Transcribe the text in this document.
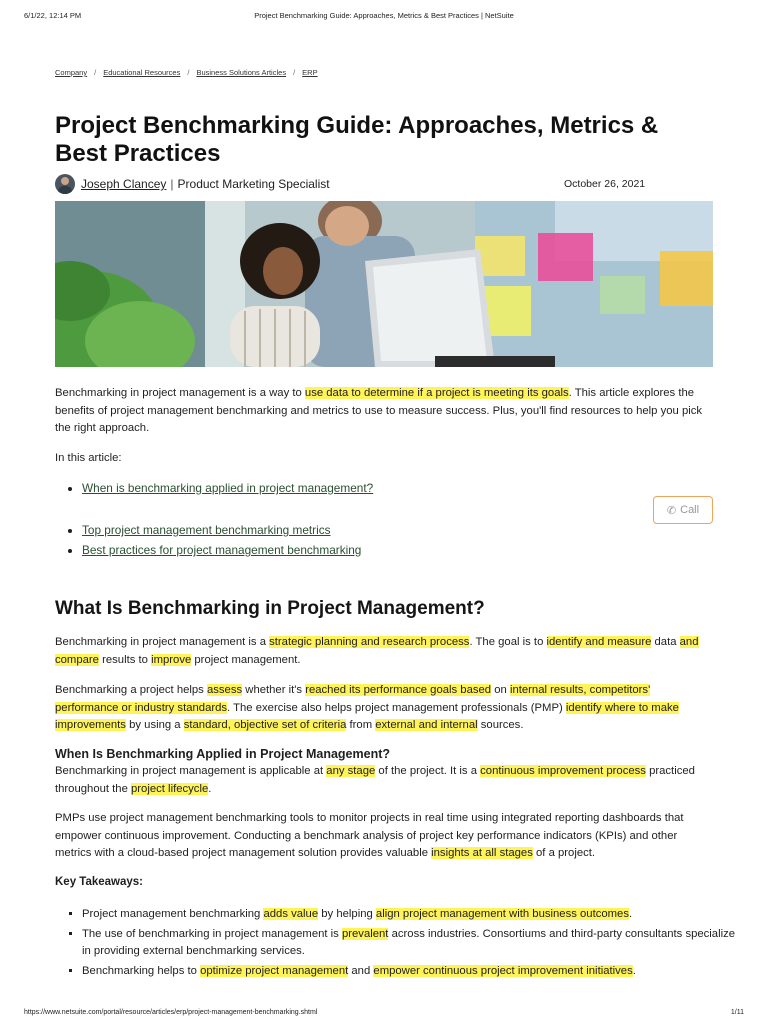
6/1/22, 12:14 PM	Project Benchmarking Guide: Approaches, Metrics & Best Practices | NetSuite
Company / Educational Resources / Business Solutions Articles / ERP
Project Benchmarking Guide: Approaches, Metrics & Best Practices
Joseph Clancey | Product Marketing Specialist	October 26, 2021

Benchmarking in project management is a way to use data to determine if a project is meeting its goals. This article explores the benefits of project management benchmarking and metrics to use to measure success. Plus, you'll find resources to help you pick the right approach.

In this article:
• When is benchmarking applied in project management?
• Top project management benchmarking metrics
• Best practices for project management benchmarking
✆ Call
What Is Benchmarking in Project Management?

Benchmarking in project management is a strategic planning and research process. The goal is to identify and measure data and compare results to improve project management.

Benchmarking a project helps assess whether it's reached its performance goals based on internal results, competitors' performance or industry standards. The exercise also helps project management professionals (PMP) identify where to make improvements by using a standard, objective set of criteria from external and internal sources.

When Is Benchmarking Applied in Project Management?

Benchmarking in project management is applicable at any stage of the project. It is a continuous improvement process practiced throughout the project lifecycle.

PMPs use project management benchmarking tools to monitor projects in real time using integrated reporting dashboards that empower continuous improvement. Conducting a benchmark analysis of project key performance indicators (KPIs) and other metrics with a cloud-based project management solution provides valuable insights at all stages of a project.

Key Takeaways:
▪ Project management benchmarking adds value by helping align project management with business outcomes.
▪ The use of benchmarking in project management is prevalent across industries. Consortiums and third-party consultants specialize in providing external benchmarking services.
▪ Benchmarking helps to optimize project management and empower continuous project improvement initiatives.
https://www.netsuite.com/portal/resource/articles/erp/project-management-benchmarking.shtml	1/11
